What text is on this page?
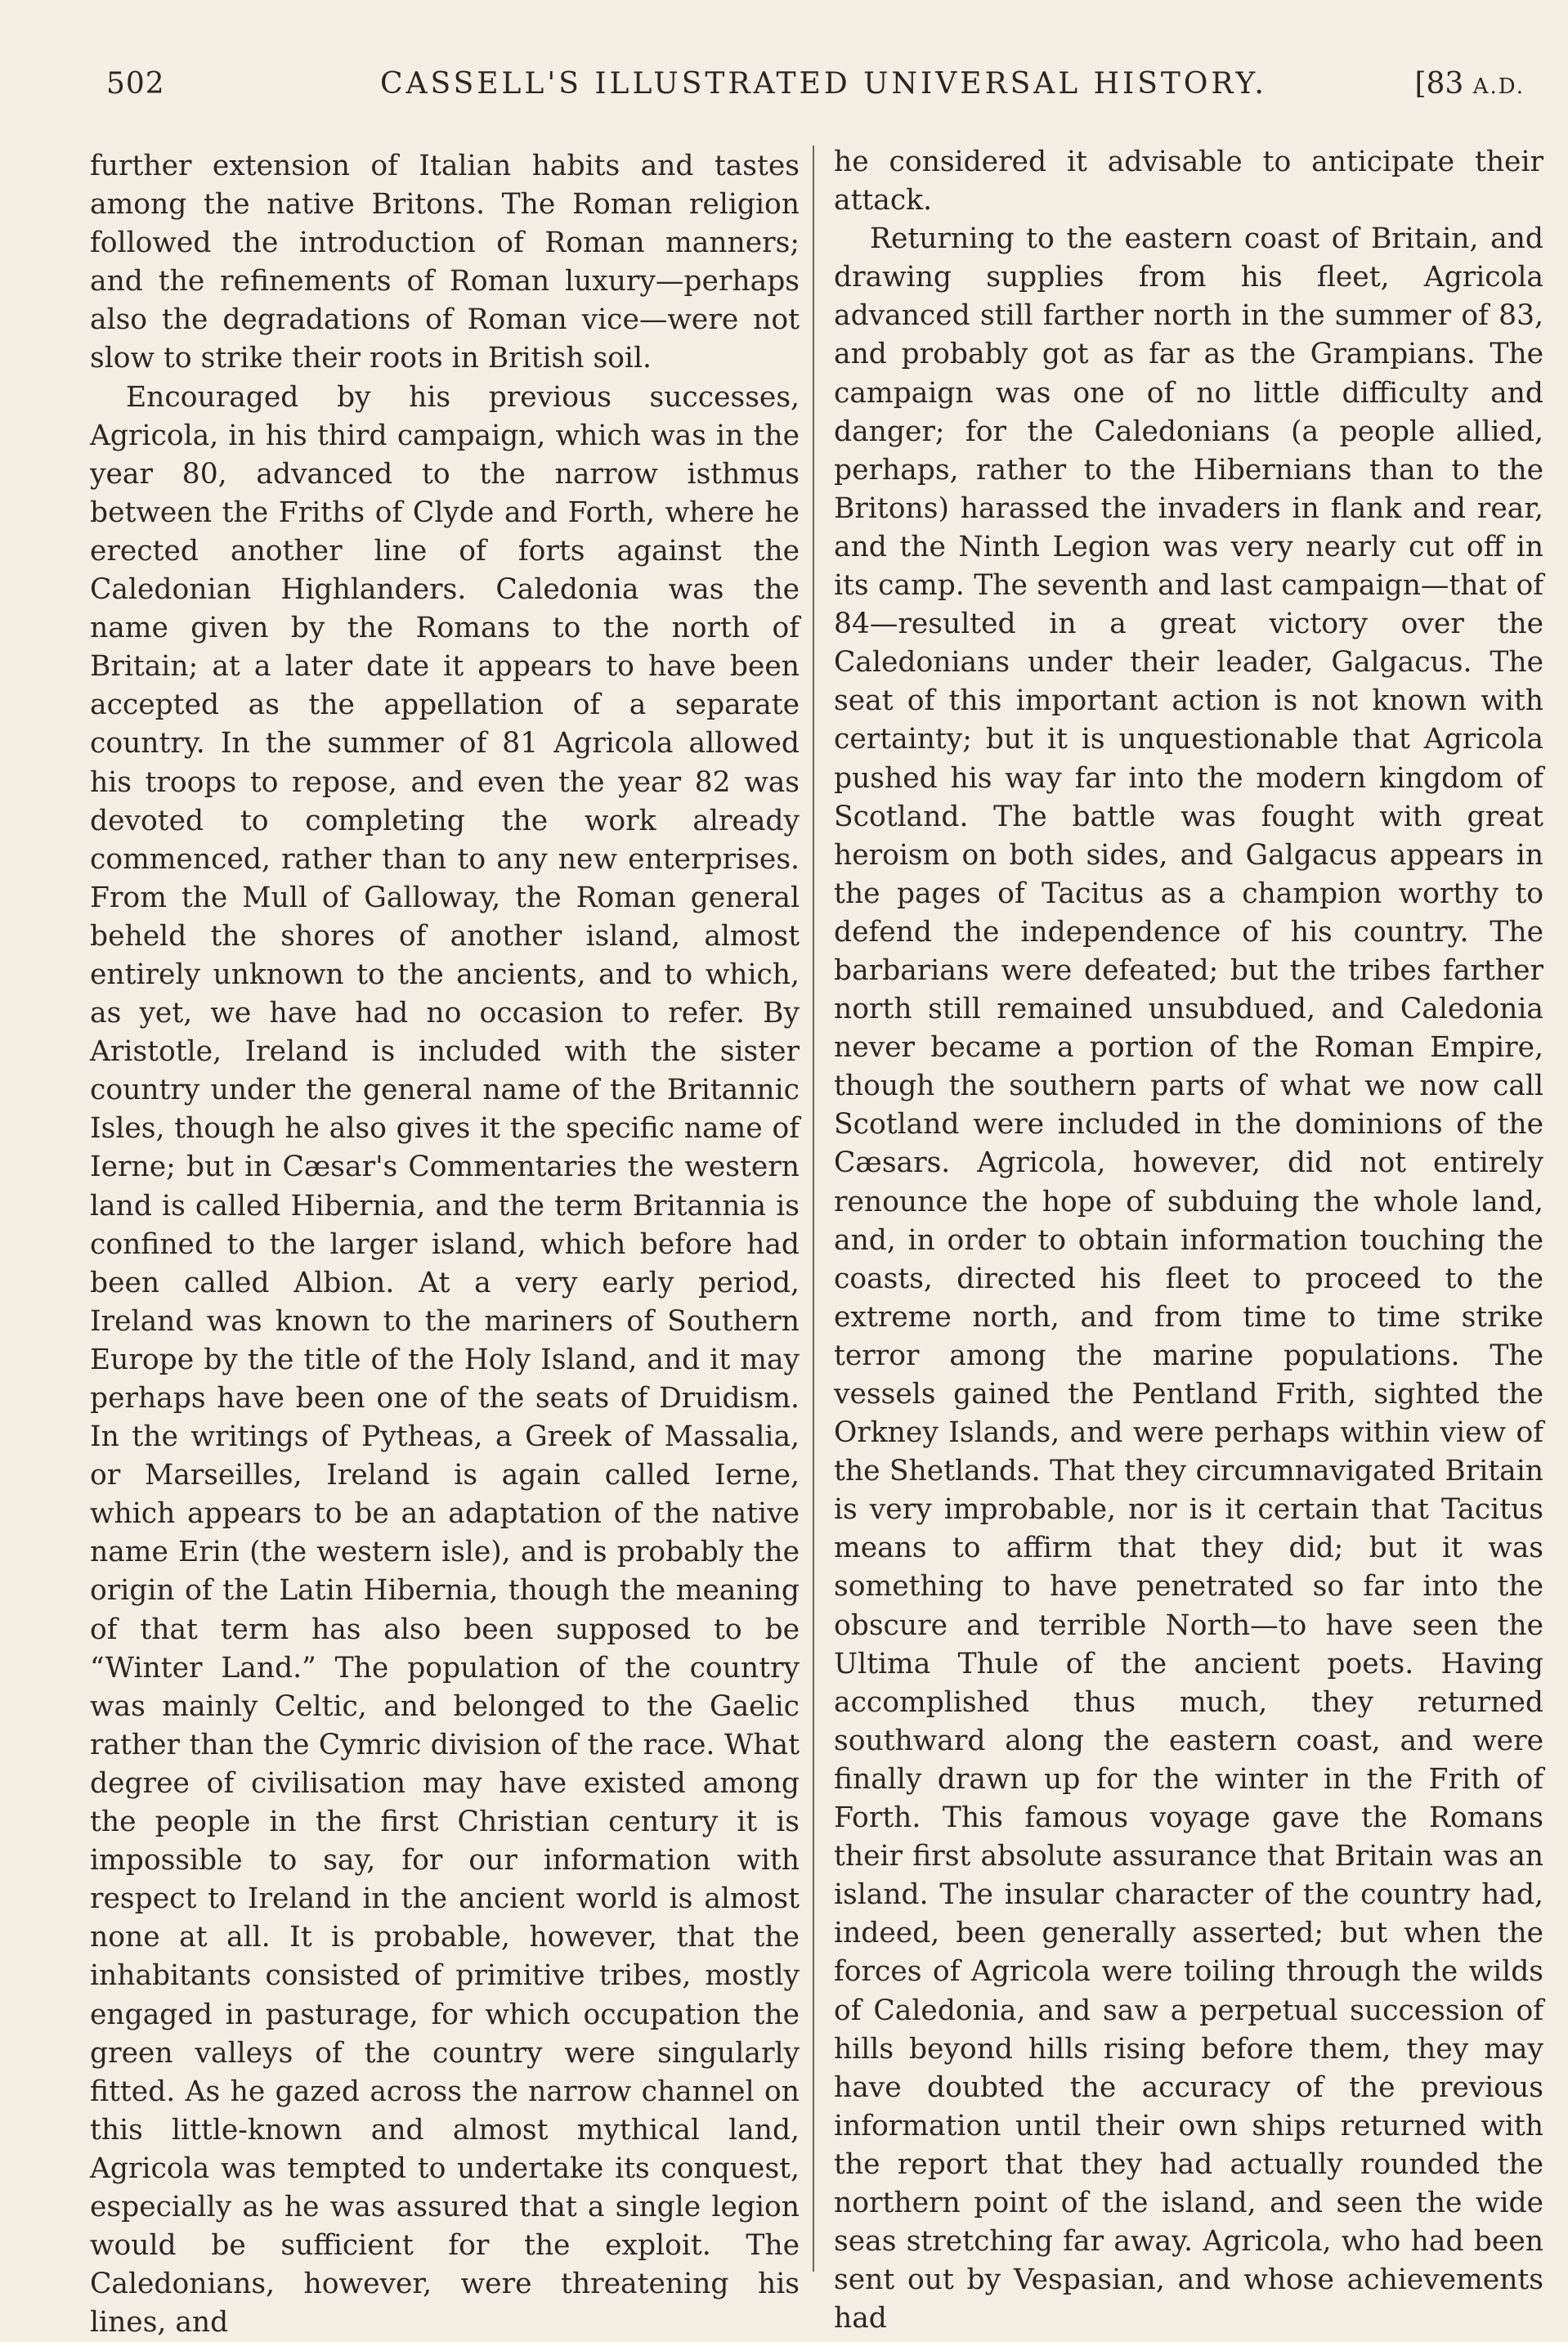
502	CASSELL'S ILLUSTRATED UNIVERSAL HISTORY.	[83 A.D.

further extension of Italian habits and tastes among the native Britons. The Roman religion followed the introduction of Roman manners; and the refinements of Roman luxury—perhaps also the degradations of Roman vice—were not slow to strike their roots in British soil.

Encouraged by his previous successes, Agricola, in his third campaign, which was in the year 80, advanced to the narrow isthmus between the Friths of Clyde and Forth, where he erected another line of forts against the Caledonian Highlanders. Caledonia was the name given by the Romans to the north of Britain; at a later date it appears to have been accepted as the appellation of a separate country. In the summer of 81 Agricola allowed his troops to repose, and even the year 82 was devoted to completing the work already commenced, rather than to any new enterprises. From the Mull of Galloway, the Roman general beheld the shores of another island, almost entirely unknown to the ancients, and to which, as yet, we have had no occasion to refer. By Aristotle, Ireland is included with the sister country under the general name of the Britannic Isles, though he also gives it the specific name of Ierne; but in Cæsar's Commentaries the western land is called Hibernia, and the term Britannia is confined to the larger island, which before had been called Albion. At a very early period, Ireland was known to the mariners of Southern Europe by the title of the Holy Island, and it may perhaps have been one of the seats of Druidism. In the writings of Pytheas, a Greek of Massalia, or Marseilles, Ireland is again called Ierne, which appears to be an adaptation of the native name Erin (the western isle), and is probably the origin of the Latin Hibernia, though the meaning of that term has also been supposed to be “Winter Land.” The population of the country was mainly Celtic, and belonged to the Gaelic rather than the Cymric division of the race. What degree of civilisation may have existed among the people in the first Christian century it is impossible to say, for our information with respect to Ireland in the ancient world is almost none at all. It is probable, however, that the inhabitants consisted of primitive tribes, mostly engaged in pasturage, for which occupation the green valleys of the country were singularly fitted. As he gazed across the narrow channel on this little-known and almost mythical land, Agricola was tempted to undertake its conquest, especially as he was assured that a single legion would be sufficient for the exploit. The Caledonians, however, were threatening his lines, and

he considered it advisable to anticipate their attack.

Returning to the eastern coast of Britain, and drawing supplies from his fleet, Agricola advanced still farther north in the summer of 83, and probably got as far as the Grampians. The campaign was one of no little difficulty and danger; for the Caledonians (a people allied, perhaps, rather to the Hibernians than to the Britons) harassed the invaders in flank and rear, and the Ninth Legion was very nearly cut off in its camp. The seventh and last campaign—that of 84—resulted in a great victory over the Caledonians under their leader, Galgacus. The seat of this important action is not known with certainty; but it is unquestionable that Agricola pushed his way far into the modern kingdom of Scotland. The battle was fought with great heroism on both sides, and Galgacus appears in the pages of Tacitus as a champion worthy to defend the independence of his country. The barbarians were defeated; but the tribes farther north still remained unsubdued, and Caledonia never became a portion of the Roman Empire, though the southern parts of what we now call Scotland were included in the dominions of the Cæsars. Agricola, however, did not entirely renounce the hope of subduing the whole land, and, in order to obtain information touching the coasts, directed his fleet to proceed to the extreme north, and from time to time strike terror among the marine populations. The vessels gained the Pentland Frith, sighted the Orkney Islands, and were perhaps within view of the Shetlands. That they circumnavigated Britain is very improbable, nor is it certain that Tacitus means to affirm that they did; but it was something to have penetrated so far into the obscure and terrible North—to have seen the Ultima Thule of the ancient poets. Having accomplished thus much, they returned southward along the eastern coast, and were finally drawn up for the winter in the Frith of Forth. This famous voyage gave the Romans their first absolute assurance that Britain was an island. The insular character of the country had, indeed, been generally asserted; but when the forces of Agricola were toiling through the wilds of Caledonia, and saw a perpetual succession of hills beyond hills rising before them, they may have doubted the accuracy of the previous information until their own ships returned with the report that they had actually rounded the northern point of the island, and seen the wide seas stretching far away. Agricola, who had been sent out by Vespasian, and whose achievements had
